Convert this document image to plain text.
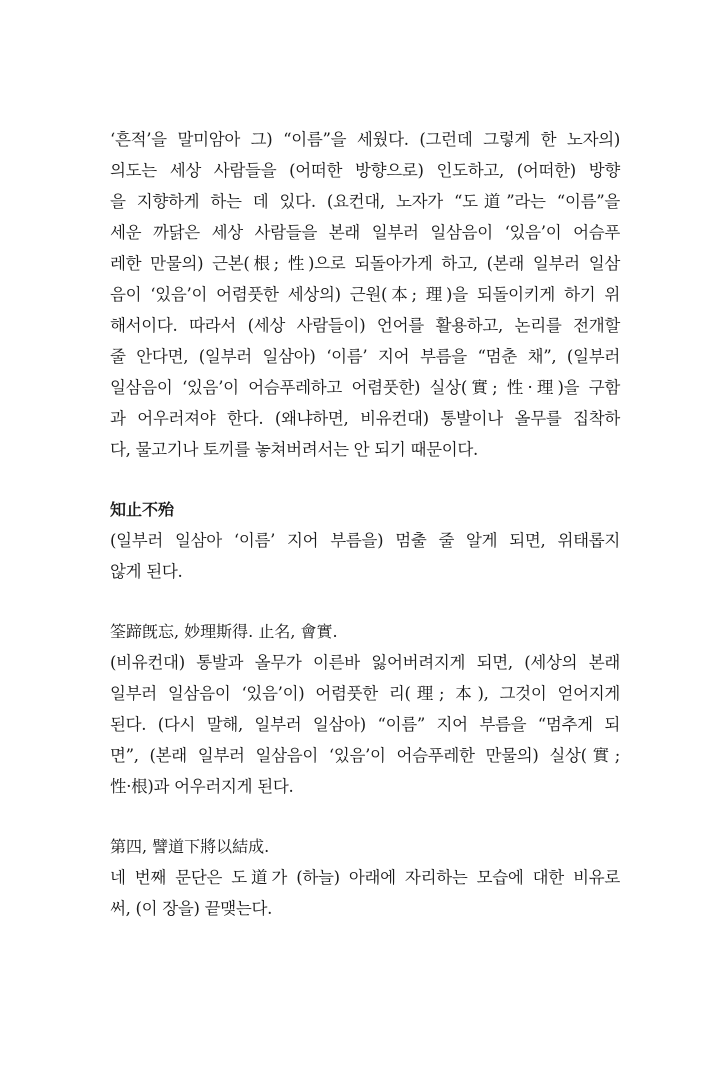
‘흔적’을 말미암아 그) “이름”을 세웠다. (그런데 그렇게 한 노자의)
의도는 세상 사람들을 (어떠한 방향으로) 인도하고, (어떠한) 방향
을 지향하게 하는 데 있다. (요컨대, 노자가 “도道”라는 “이름”을
세운 까닭은 세상 사람들을 본래 일부러 일삼음이 ‘있음’이 어슴푸
레한 만물의) 근본(根; 性)으로 되돌아가게 하고, (본래 일부러 일삼
음이 ‘있음’이 어렴풋한 세상의) 근원(本; 理)을 되돌이키게 하기 위
해서이다. 따라서 (세상 사람들이) 언어를 활용하고, 논리를 전개할
줄 안다면, (일부러 일삼아) ‘이름’ 지어 부름을 “멈춘 채”, (일부러
일삼음이 ‘있음’이 어슴푸레하고 어렴풋한) 실상(實; 性·理)을 구함
과 어우러져야 한다. (왜냐하면, 비유컨대) 통발이나 올무를 집착하
다, 물고기나 토끼를 놓쳐버려서는 안 되기 때문이다.

知止不殆

(일부러 일삼아 ‘이름’ 지어 부름을) 멈출 줄 알게 되면, 위태롭지
않게 된다.

筌蹄旣忘, 妙理斯得. 止名, 會實.

(비유컨대) 통발과 올무가 이른바 잃어버려지게 되면, (세상의 본래
일부러 일삼음이 ‘있음’이) 어렴풋한 리(理; 本), 그것이 얻어지게
된다. (다시 말해, 일부러 일삼아) “이름” 지어 부름을 “멈추게 되
면”, (본래 일부러 일삼음이 ‘있음’이 어슴푸레한 만물의) 실상(實;
性·根)과 어우러지게 된다.

第四, 譬道下將以結成.

네 번째 문단은 도道가 (하늘) 아래에 자리하는 모습에 대한 비유로
써, (이 장을) 끝맺는다.
